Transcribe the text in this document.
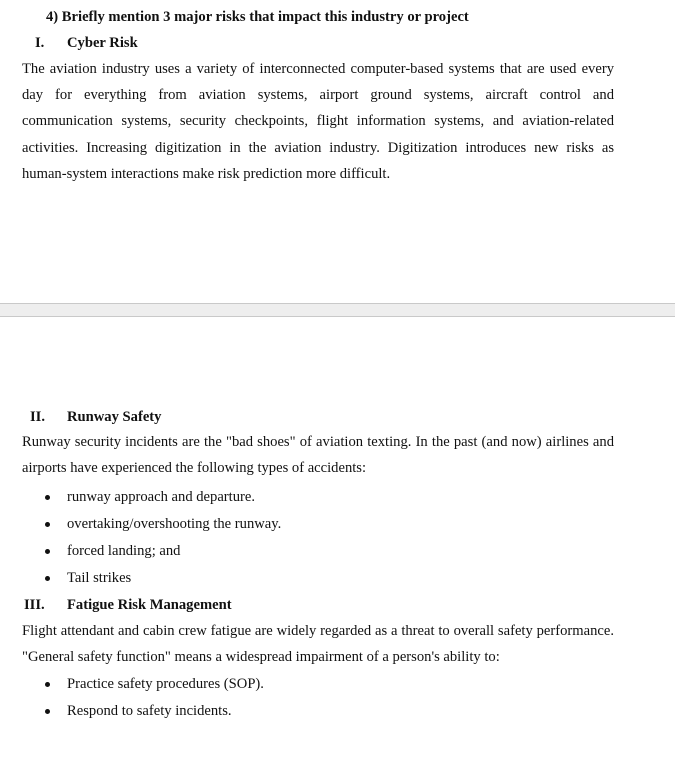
4) Briefly mention 3 major risks that impact this industry or project
I. Cyber Risk
The aviation industry uses a variety of interconnected computer-based systems that are used every day for everything from aviation systems, airport ground systems, aircraft control and communication systems, security checkpoints, flight information systems, and aviation-related activities. Increasing digitization in the aviation industry. Digitization introduces new risks as human-system interactions make risk prediction more difficult.
II. Runway Safety
Runway security incidents are the "bad shoes" of aviation texting. In the past (and now) airlines and airports have experienced the following types of accidents:
runway approach and departure.
overtaking/overshooting the runway.
forced landing; and
Tail strikes
III. Fatigue Risk Management
Flight attendant and cabin crew fatigue are widely regarded as a threat to overall safety performance. "General safety function" means a widespread impairment of a person's ability to:
Practice safety procedures (SOP).
Respond to safety incidents.
